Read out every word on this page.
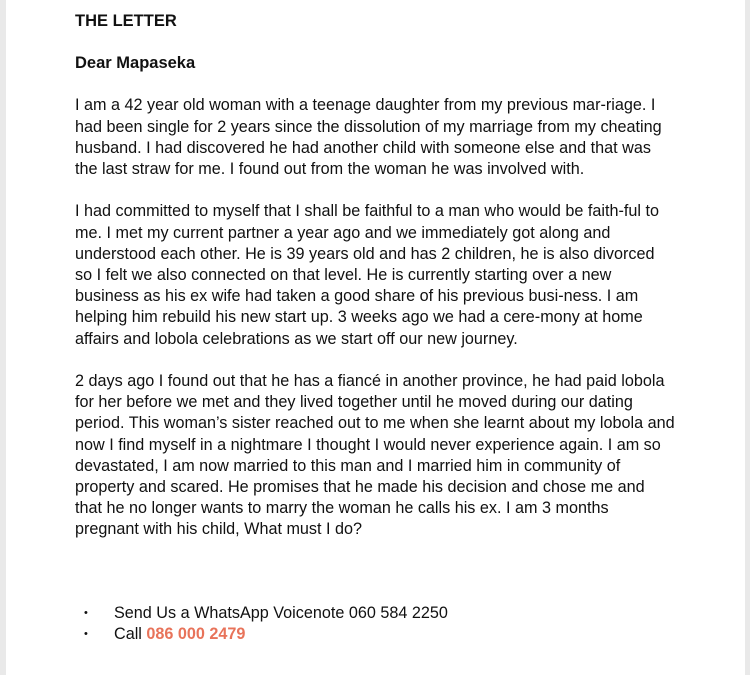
THE LETTER

Dear Mapaseka

I am a 42 year old woman with a teenage daughter from my previous mar-riage. I had been single for 2 years since the dissolution of my marriage from my cheating husband. I had discovered he had another child with someone else and that was the last straw for me. I found out from the woman he was involved with.

I had committed to myself that I shall be faithful to a man who would be faith-ful to me. I met my current partner a year ago and we immediately got along and understood each other. He is 39 years old and has 2 children, he is also divorced so I felt we also connected on that level. He is currently starting over a new business as his ex wife had taken a good share of his previous busi-ness. I am helping him rebuild his new start up. 3 weeks ago we had a cere-mony at home affairs and lobola celebrations as we start off our new journey.

2 days ago I found out that he has a fiancé in another province, he had paid lobola for her before we met and they lived together until he moved during our dating period. This woman’s sister reached out to me when she learnt about my lobola and now I find myself in a nightmare I thought I would never experience again. I am so devastated, I am now married to this man and I married him in community of property and scared. He promises that he made his decision and chose me and that he no longer wants to marry the woman he calls his ex. I am 3 months pregnant with his child, What must I do?

• Send Us a WhatsApp Voicenote 060 584 2250
• Call 086 000 2479
